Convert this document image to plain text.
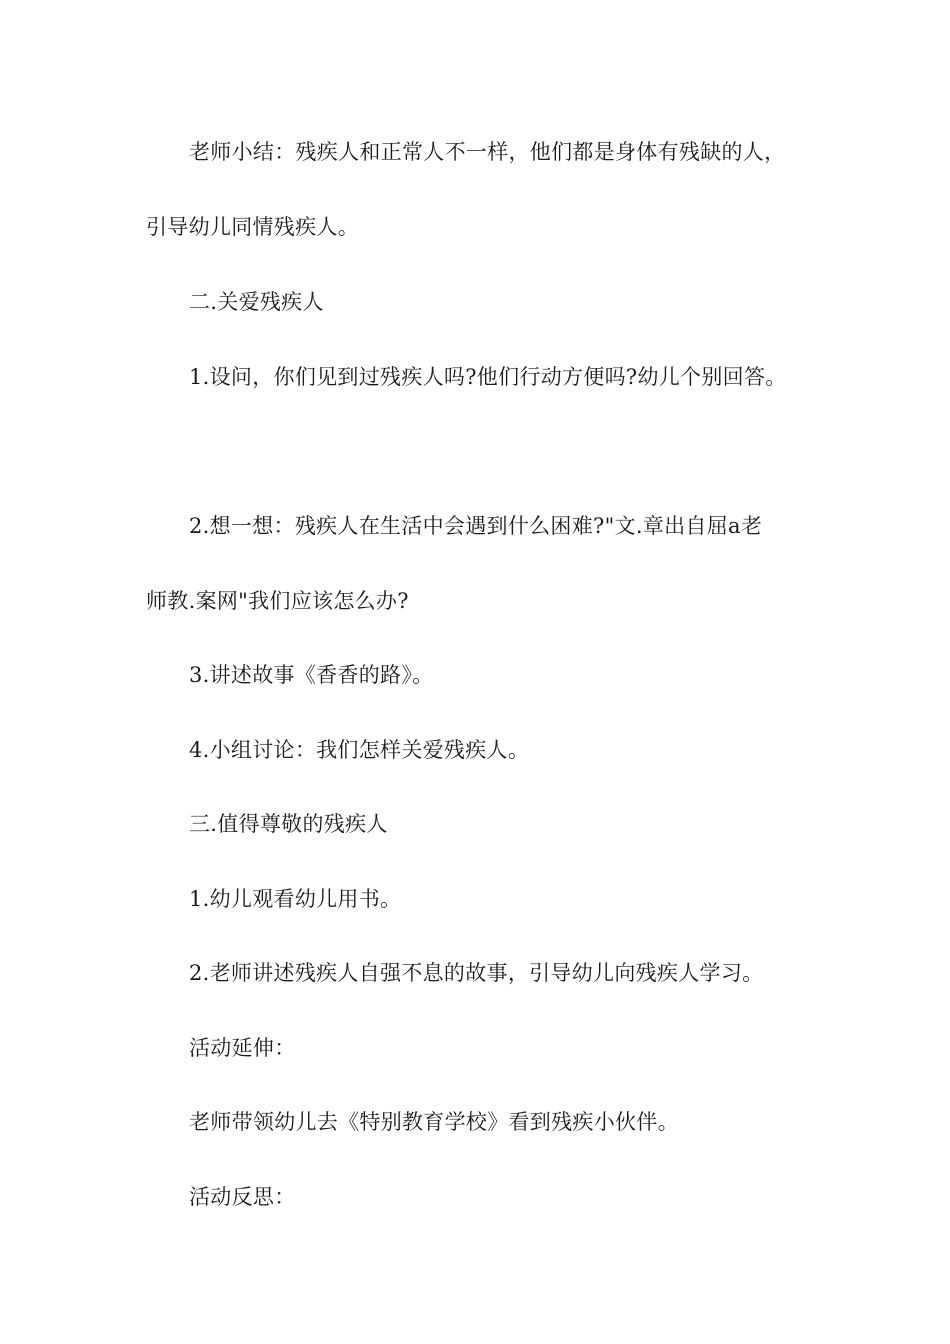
老师小结：残疾人和正常人不一样，他们都是身体有残缺的人，
引导幼儿同情残疾人。
二.关爱残疾人
1.设问，你们见到过残疾人吗?他们行动方便吗?幼儿个别回答。
2.想一想：残疾人在生活中会遇到什么困难?"文.章出自屈a老
师教.案网"我们应该怎么办?
3.讲述故事《香香的路》。
4.小组讨论：我们怎样关爱残疾人。
三.值得尊敬的残疾人
1.幼儿观看幼儿用书。
2.老师讲述残疾人自强不息的故事，引导幼儿向残疾人学习。
活动延伸：
老师带领幼儿去《特别教育学校》看到残疾小伙伴。
活动反思：
